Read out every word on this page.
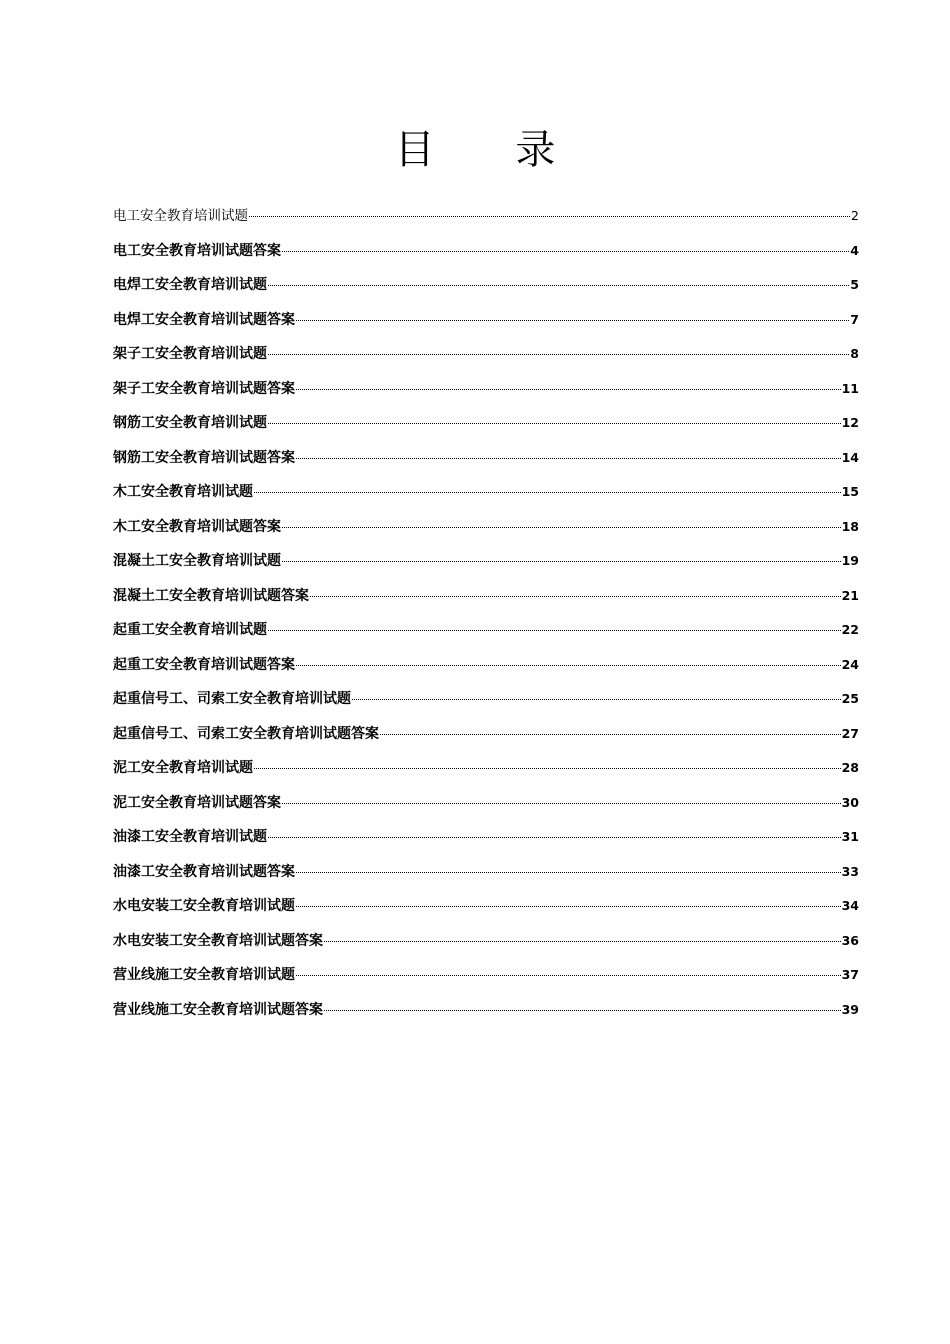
目 录
电工安全教育培训试题	2
电工安全教育培训试题答案	4
电焊工安全教育培训试题	5
电焊工安全教育培训试题答案	7
架子工安全教育培训试题	8
架子工安全教育培训试题答案	11
钢筋工安全教育培训试题	12
钢筋工安全教育培训试题答案	14
木工安全教育培训试题	15
木工安全教育培训试题答案	18
混凝土工安全教育培训试题	19
混凝土工安全教育培训试题答案	21
起重工安全教育培训试题	22
起重工安全教育培训试题答案	24
起重信号工、司索工安全教育培训试题	25
起重信号工、司索工安全教育培训试题答案	27
泥工安全教育培训试题	28
泥工安全教育培训试题答案	30
油漆工安全教育培训试题	31
油漆工安全教育培训试题答案	33
水电安装工安全教育培训试题	34
水电安装工安全教育培训试题答案	36
营业线施工安全教育培训试题	37
营业线施工安全教育培训试题答案	39
